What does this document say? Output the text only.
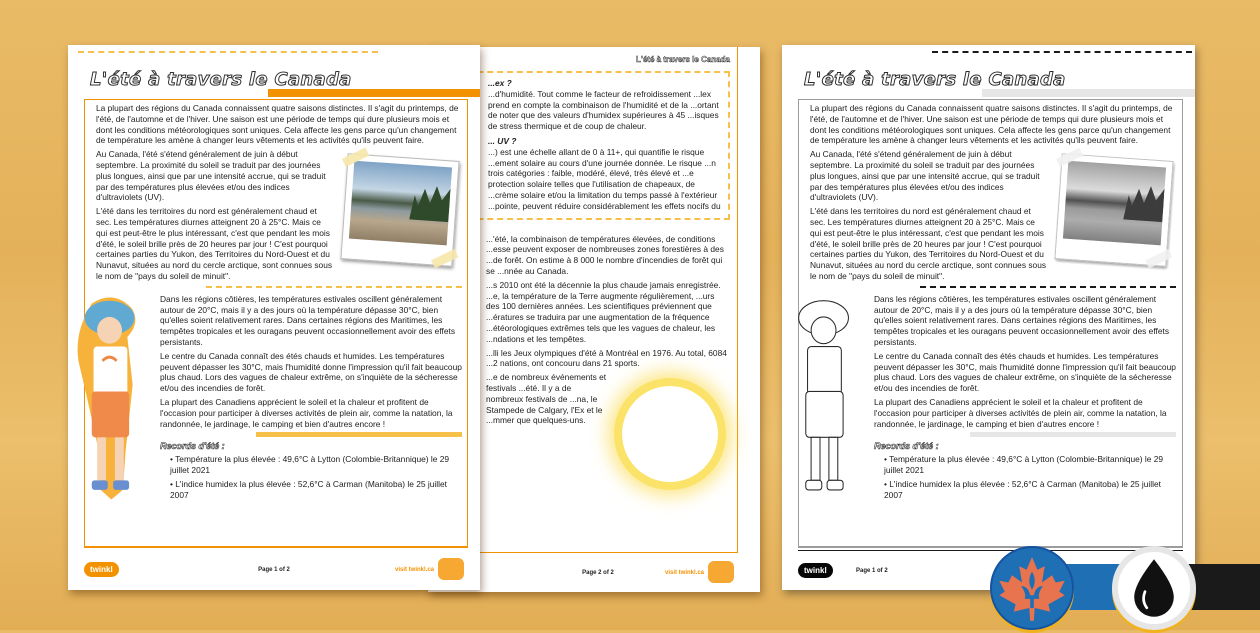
L'été à travers le Canada
...ex ?
...d'humidité. Tout comme le facteur de refroidissement ...lex prend en compte la combinaison de l'humidité et de la ...ortant de noter que des valeurs d'humidex supérieures à 45 ...isques de stress thermique et de coup de chaleur.
... UV ?
...) est une échelle allant de 0 à 11+, qui quantifie le risque ...ement solaire au cours d'une journée donnée. Le risque ...n trois catégories : faible, modéré, élevé, très élevé et ...e protection solaire telles que l'utilisation de chapeaux, de ...crème solaire et/ou la limitation du temps passé à l'extérieur ...pointe, peuvent réduire considérablement les effets nocifs du

...'été, la combinaison de températures élevées, de conditions ...esse peuvent exposer de nombreuses zones forestières à des ...de forêt. On estime à 8 000 le nombre d'incendies de forêt qui se ...nnée au Canada.

...s 2010 ont été la décennie la plus chaude jamais enregistrée. ...e, la température de la Terre augmente régulièrement, ...urs des 100 dernières années. Les scientifiques préviennent que ...ératures se traduira par une augmentation de la fréquence ...étéorologiques extrêmes tels que les vagues de chaleur, les ...ndations et les tempêtes.

...lli les Jeux olympiques d'été à Montréal en 1976. Au total, 6084 ...2 nations, ont concouru dans 21 sports.

...e de nombreux événements et festivals ...été. Il y a de nombreux festivals de ...na, le Stampede de Calgary, l'Ex et le ...mmer que quelques-uns.

Page 2 of 2	visit twinkl.ca
L'été à travers le Canada

La plupart des régions du Canada connaissent quatre saisons distinctes. Il s'agit du printemps, de l'été, de l'automne et de l'hiver. Une saison est une période de temps qui dure plusieurs mois et dont les conditions météorologiques sont uniques. Cela affecte les gens parce qu'un changement de température les amène à changer leurs vêtements et les activités qu'ils peuvent faire.

Au Canada, l'été s'étend généralement de juin à début septembre. La proximité du soleil se traduit par des journées plus longues, ainsi que par une intensité accrue, qui se traduit par des températures plus élevées et/ou des indices d'ultraviolets (UV).

L'été dans les territoires du nord est généralement chaud et sec. Les températures diurnes atteignent 20 à 25°C. Mais ce qui est peut-être le plus intéressant, c'est que pendant les mois d'été, le soleil brille près de 20 heures par jour ! C'est pourquoi certaines parties du Yukon, des Territoires du Nord-Ouest et du Nunavut, situées au nord du cercle arctique, sont connues sous le nom de "pays du soleil de minuit".

Dans les régions côtières, les températures estivales oscillent généralement autour de 20°C, mais il y a des jours où la température dépasse 30°C, bien qu'elles soient relativement rares. Dans certaines régions des Maritimes, les tempêtes tropicales et les ouragans peuvent occasionnellement avoir des effets persistants.

Le centre du Canada connaît des étés chauds et humides. Les températures peuvent dépasser les 30°C, mais l'humidité donne l'impression qu'il fait beaucoup plus chaud. Lors des vagues de chaleur extrême, on s'inquiète de la sécheresse et/ou des incendies de forêt.

La plupart des Canadiens apprécient le soleil et la chaleur et profitent de l'occasion pour participer à diverses activités de plein air, comme la natation, la randonnée, le jardinage, le camping et bien d'autres encore !

Records d'été :
• Température la plus élevée : 49,6°C à Lytton (Colombie-Britannique) le 29 juillet 2021
• L'indice humidex la plus élevée : 52,6°C à Carman (Manitoba) le 25 juillet 2007
twinkl	Page 1 of 2	visit twinkl.ca
L'été à travers le Canada

La plupart des régions du Canada connaissent quatre saisons distinctes. Il s'agit du printemps, de l'été, de l'automne et de l'hiver. Une saison est une période de temps qui dure plusieurs mois et dont les conditions météorologiques sont uniques. Cela affecte les gens parce qu'un changement de température les amène à changer leurs vêtements et les activités qu'ils peuvent faire.

Au Canada, l'été s'étend généralement de juin à début septembre. La proximité du soleil se traduit par des journées plus longues, ainsi que par une intensité accrue, qui se traduit par des températures plus élevées et/ou des indices d'ultraviolets (UV).

L'été dans les territoires du nord est généralement chaud et sec. Les températures diurnes atteignent 20 à 25°C. Mais ce qui est peut-être le plus intéressant, c'est que pendant les mois d'été, le soleil brille près de 20 heures par jour ! C'est pourquoi certaines parties du Yukon, des Territoires du Nord-Ouest et du Nunavut, situées au nord du cercle arctique, sont connues sous le nom de "pays du soleil de minuit".

Dans les régions côtières, les températures estivales oscillent généralement autour de 20°C, mais il y a des jours où la température dépasse 30°C, bien qu'elles soient relativement rares. Dans certaines régions des Maritimes, les tempêtes tropicales et les ouragans peuvent occasionnellement avoir des effets persistants.

Le centre du Canada connaît des étés chauds et humides. Les températures peuvent dépasser les 30°C, mais l'humidité donne l'impression qu'il fait beaucoup plus chaud. Lors des vagues de chaleur extrême, on s'inquiète de la sécheresse et/ou des incendies de forêt.

La plupart des Canadiens apprécient le soleil et la chaleur et profitent de l'occasion pour participer à diverses activités de plein air, comme la natation, la randonnée, le jardinage, le camping et bien d'autres encore !

Records d'été :
• Température la plus élevée : 49,6°C à Lytton (Colombie-Britannique) le 29 juillet 2021
• L'indice humidex la plus élevée : 52,6°C à Carman (Manitoba) le 25 juillet 2007
twinkl	Page 1 of 2
